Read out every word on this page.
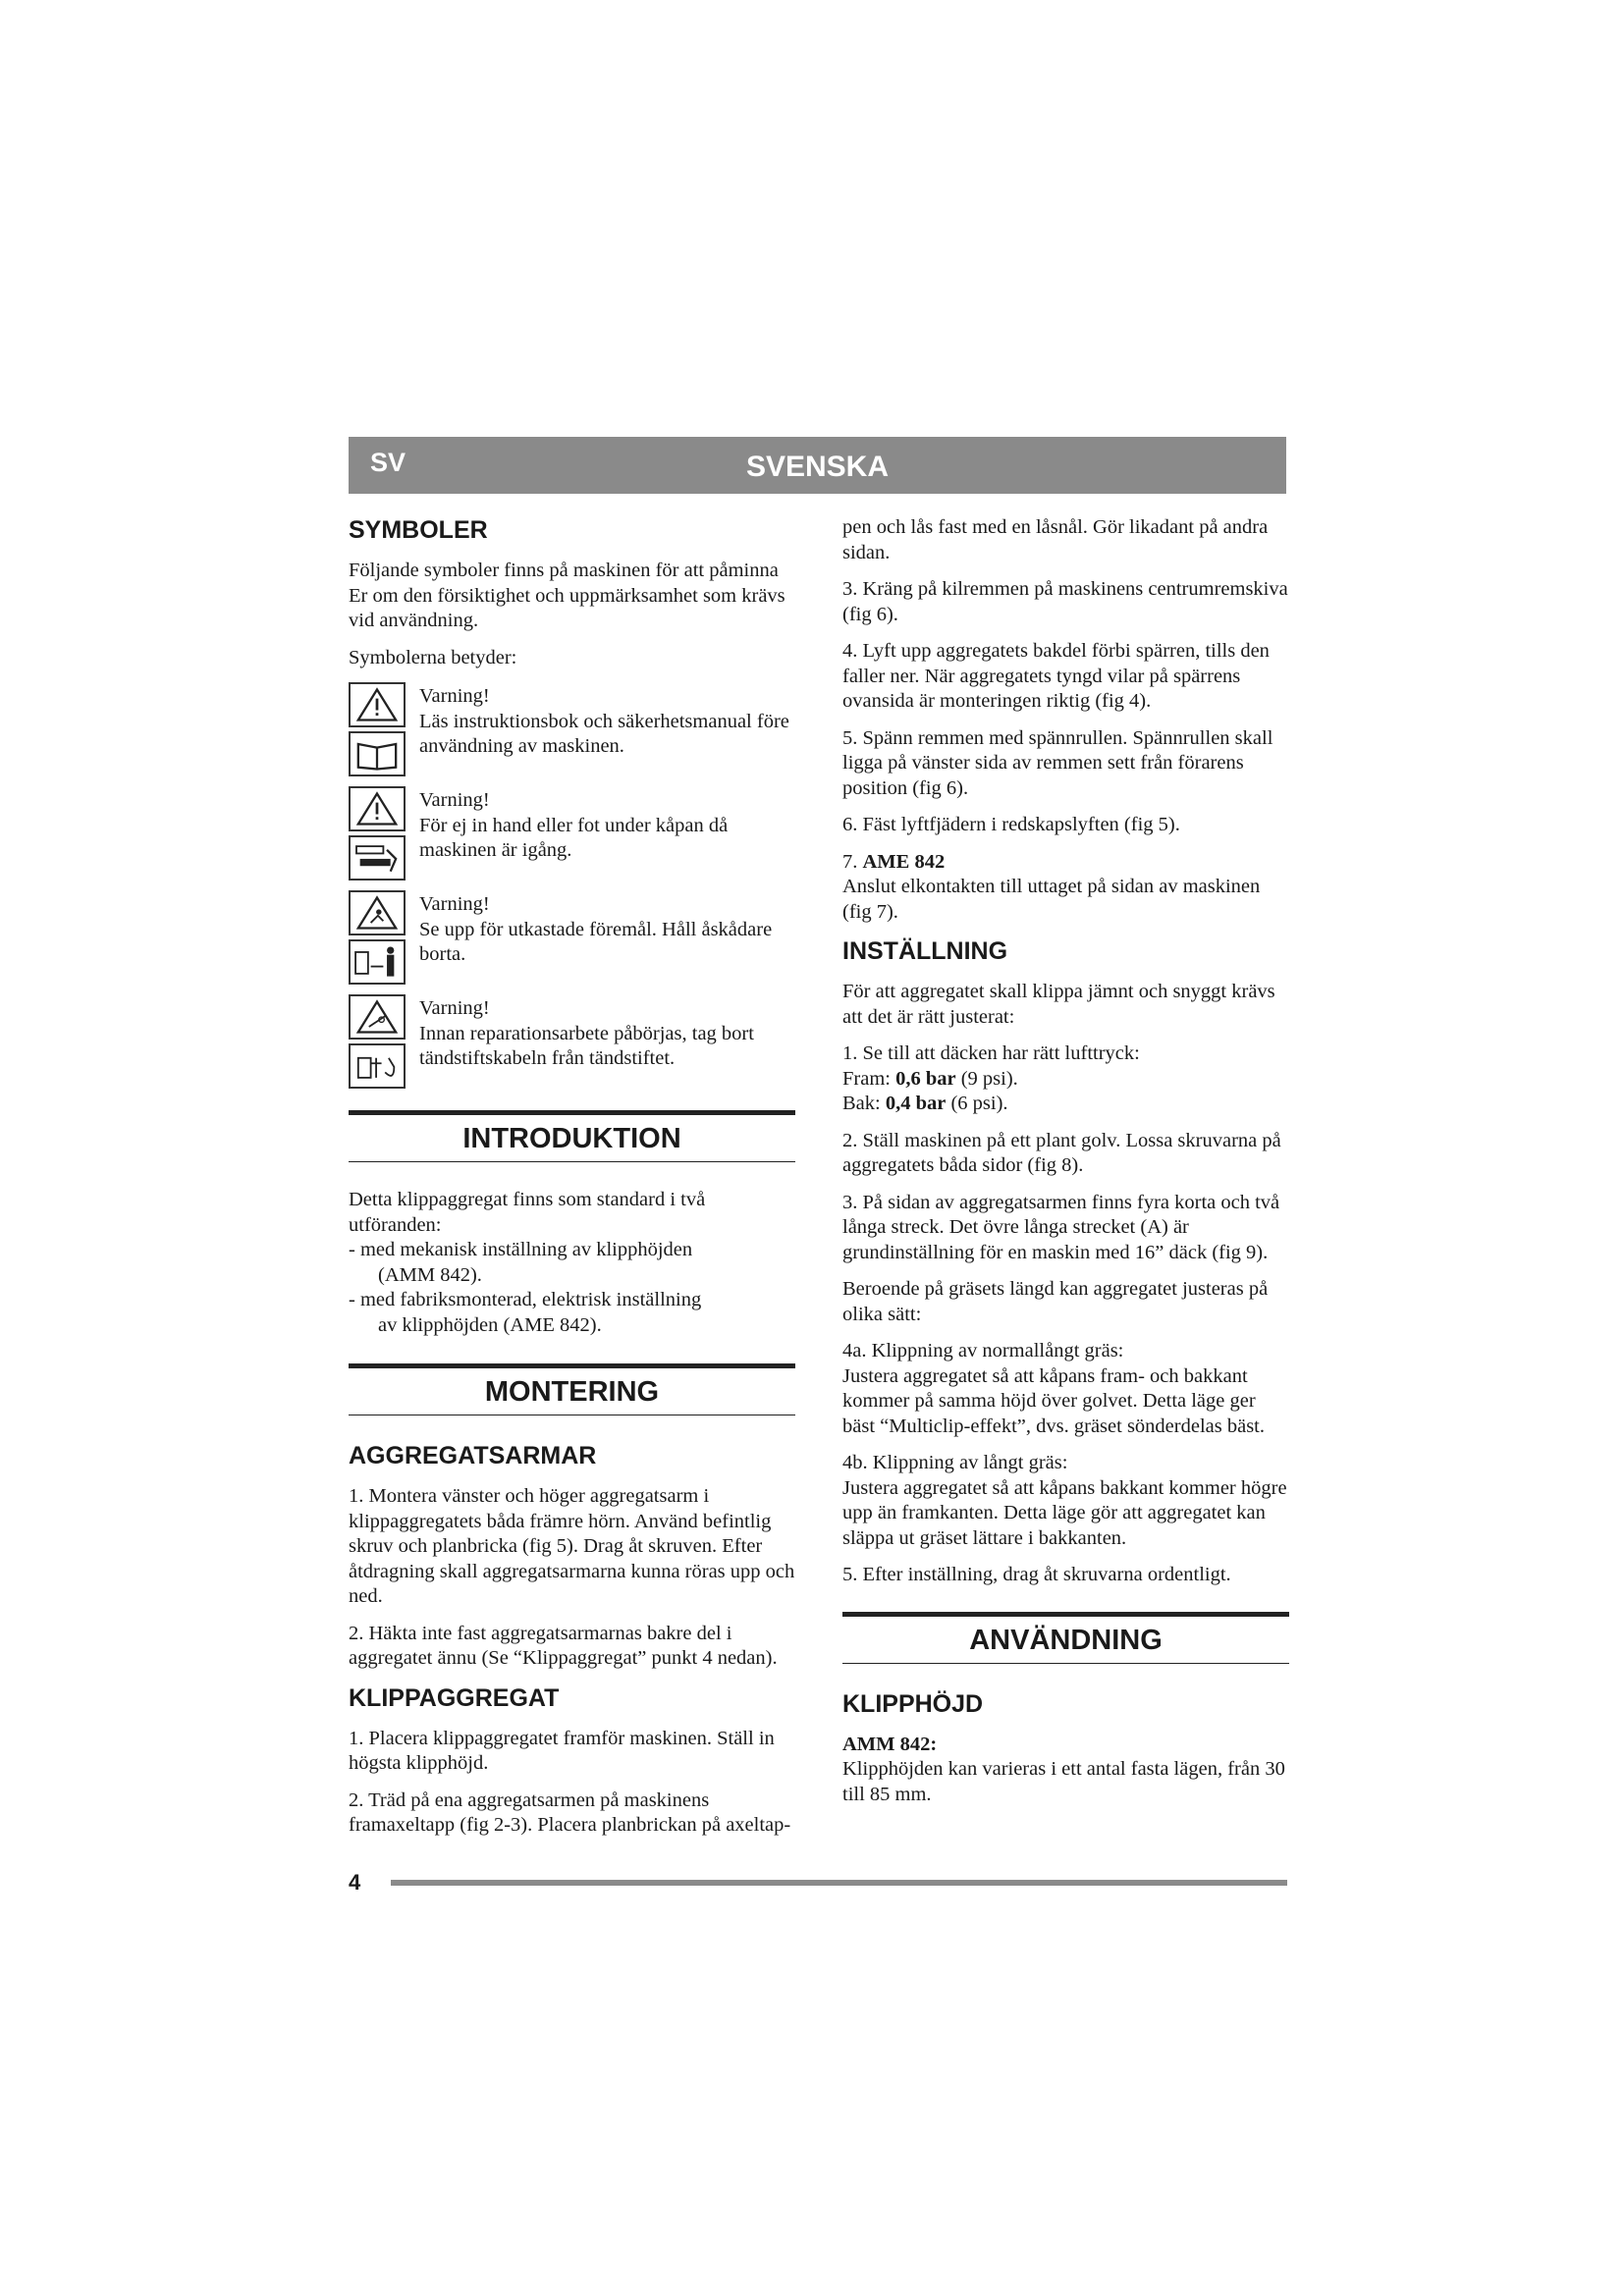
SV	SVENSKA
SYMBOLER

Följande symboler finns på maskinen för att påminna Er om den försiktighet och uppmärksamhet som krävs vid användning.

Symbolerna betyder:

Varning!
Läs instruktionsbok och säkerhetsmanual före användning av maskinen.
Varning!
För ej in hand eller fot under kåpan då maskinen är igång.
Varning!
Se upp för utkastade föremål. Håll åskådare borta.
Varning!
Innan reparationsarbete påbörjas, tag bort tändstiftskabeln från tändstiftet.
INTRODUKTION

Detta klippaggregat finns som standard i två utföranden:

- med mekanisk inställning av klipphöjden
(AMM 842).
- med fabriksmonterad, elektrisk inställning
av klipphöjden (AME 842).
MONTERING
AGGREGATSARMAR

1. Montera vänster och höger aggregatsarm i klippaggregatets båda främre hörn. Använd befintlig skruv och planbricka (fig 5). Drag åt skruven. Efter åtdragning skall aggregatsarmarna kunna röras upp och ned.

2. Häkta inte fast aggregatsarmarnas bakre del i aggregatet ännu (Se “Klippaggregat” punkt 4 nedan).

KLIPPAGGREGAT

1. Placera klippaggregatet framför maskinen. Ställ in högsta klipphöjd.

2. Träd på ena aggregatsarmen på maskinens framaxeltapp (fig 2-3). Placera planbrickan på axeltap-

pen och lås fast med en låsnål. Gör likadant på andra sidan.

3. Kräng på kilremmen på maskinens centrumremskiva (fig 6).

4. Lyft upp aggregatets bakdel förbi spärren, tills den faller ner. När aggregatets tyngd vilar på spärrens ovansida är monteringen riktig (fig 4).

5. Spänn remmen med spännrullen. Spännrullen skall ligga på vänster sida av remmen sett från förarens position (fig 6).

6. Fäst lyftfjädern i redskapslyften (fig 5).

7. AME 842
Anslut elkontakten till uttaget på sidan av maskinen (fig 7).

INSTÄLLNING

För att aggregatet skall klippa jämnt och snyggt krävs att det är rätt justerat:

1. Se till att däcken har rätt lufttryck:
Fram: 0,6 bar (9 psi).
Bak: 0,4 bar (6 psi).

2. Ställ maskinen på ett plant golv. Lossa skruvarna på aggregatets båda sidor (fig 8).

3. På sidan av aggregatsarmen finns fyra korta och två långa streck. Det övre långa strecket (A) är grundinställning för en maskin med 16” däck (fig 9).

Beroende på gräsets längd kan aggregatet justeras på olika sätt:

4a. Klippning av normallångt gräs:
Justera aggregatet så att kåpans fram- och bakkant kommer på samma höjd över golvet. Detta läge ger bäst “Multiclip-effekt”, dvs. gräset sönderdelas bäst.

4b. Klippning av långt gräs:
Justera aggregatet så att kåpans bakkant kommer högre upp än framkanten. Detta läge gör att aggregatet kan släppa ut gräset lättare i bakkanten.

5. Efter inställning, drag åt skruvarna ordentligt.

ANVÄNDNING
KLIPPHÖJD

AMM 842:
Klipphöjden kan varieras i ett antal fasta lägen, från 30 till 85 mm.

4
